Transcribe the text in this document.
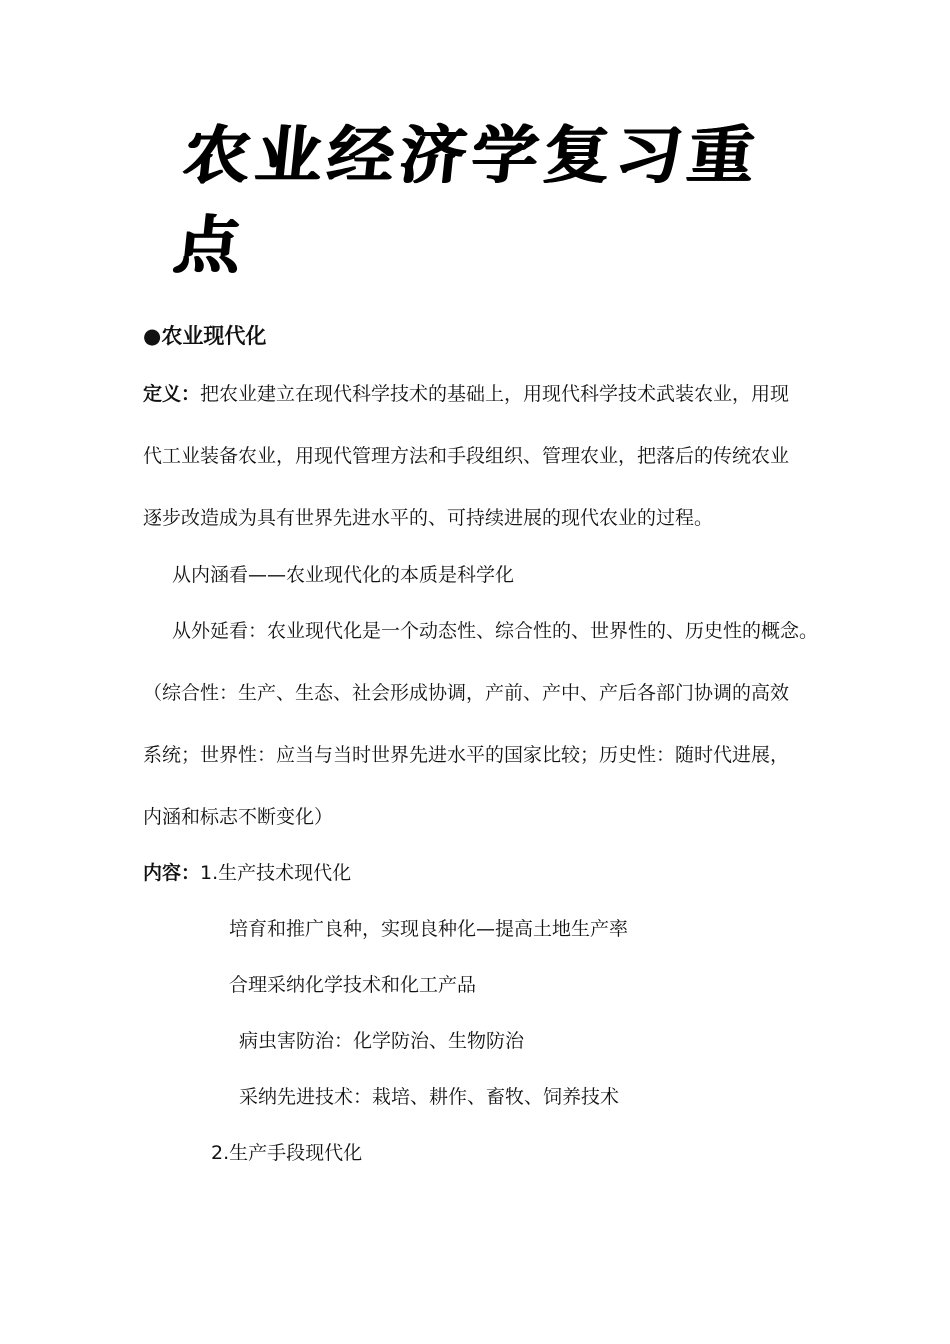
农业经济学复习重点
●农业现代化
定义：把农业建立在现代科学技术的基础上，用现代科学技术武装农业，用现
代工业装备农业，用现代管理方法和手段组织、管理农业，把落后的传统农业
逐步改造成为具有世界先进水平的、可持续进展的现代农业的过程。
从内涵看——农业现代化的本质是科学化
从外延看：农业现代化是一个动态性、综合性的、世界性的、历史性的概念。
（综合性：生产、生态、社会形成协调，产前、产中、产后各部门协调的高效
系统；世界性：应当与当时世界先进水平的国家比较；历史性：随时代进展，
内涵和标志不断变化）
内容：1.生产技术现代化
培育和推广良种，实现良种化—提高土地生产率
合理采纳化学技术和化工产品
病虫害防治：化学防治、生物防治
采纳先进技术：栽培、耕作、畜牧、饲养技术
2.生产手段现代化
